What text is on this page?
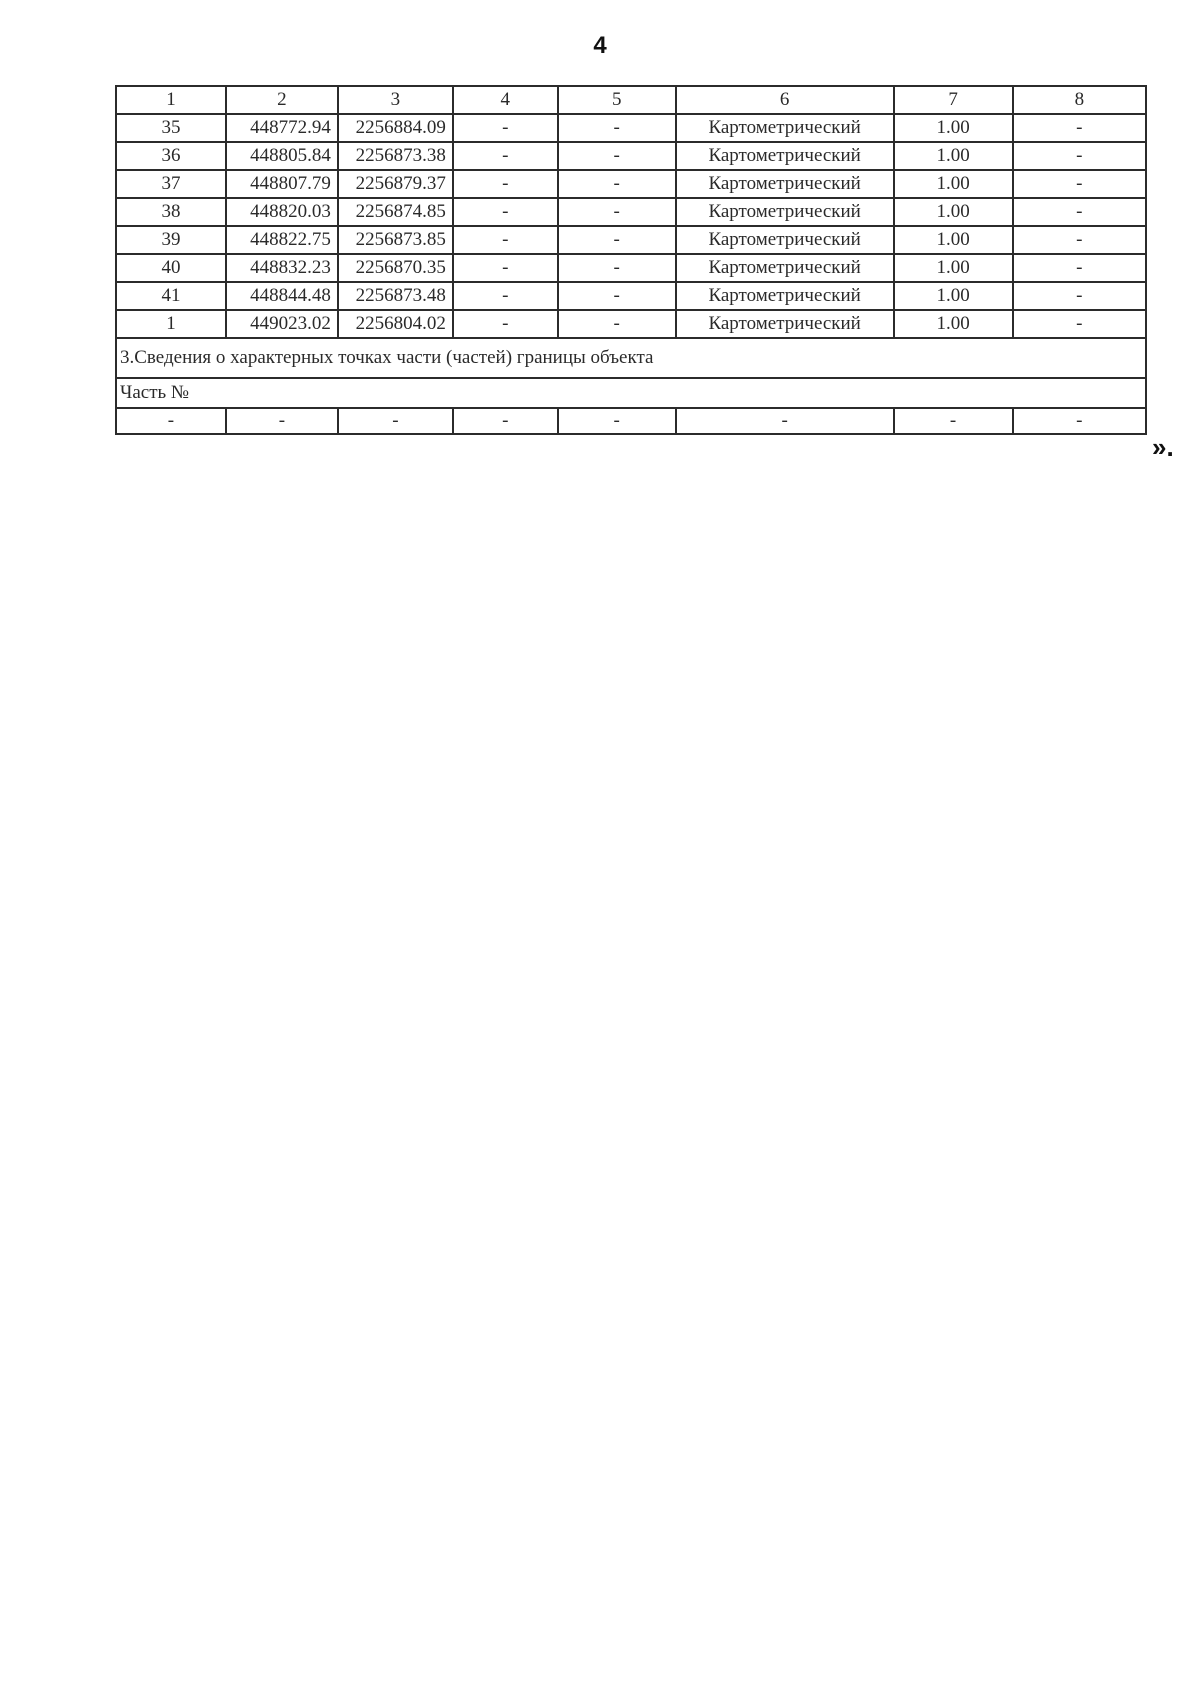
4
1	2	3	4	5	6	7	8
35	448772.94	2256884.09	-	-	Картометрический	1.00	-
36	448805.84	2256873.38	-	-	Картометрический	1.00	-
37	448807.79	2256879.37	-	-	Картометрический	1.00	-
38	448820.03	2256874.85	-	-	Картометрический	1.00	-
39	448822.75	2256873.85	-	-	Картометрический	1.00	-
40	448832.23	2256870.35	-	-	Картометрический	1.00	-
41	448844.48	2256873.48	-	-	Картометрический	1.00	-
1	449023.02	2256804.02	-	-	Картометрический	1.00	-
3.Сведения о характерных точках части (частей) границы объекта							
Часть №							
-	-	-	-	-	-	-	-
».
